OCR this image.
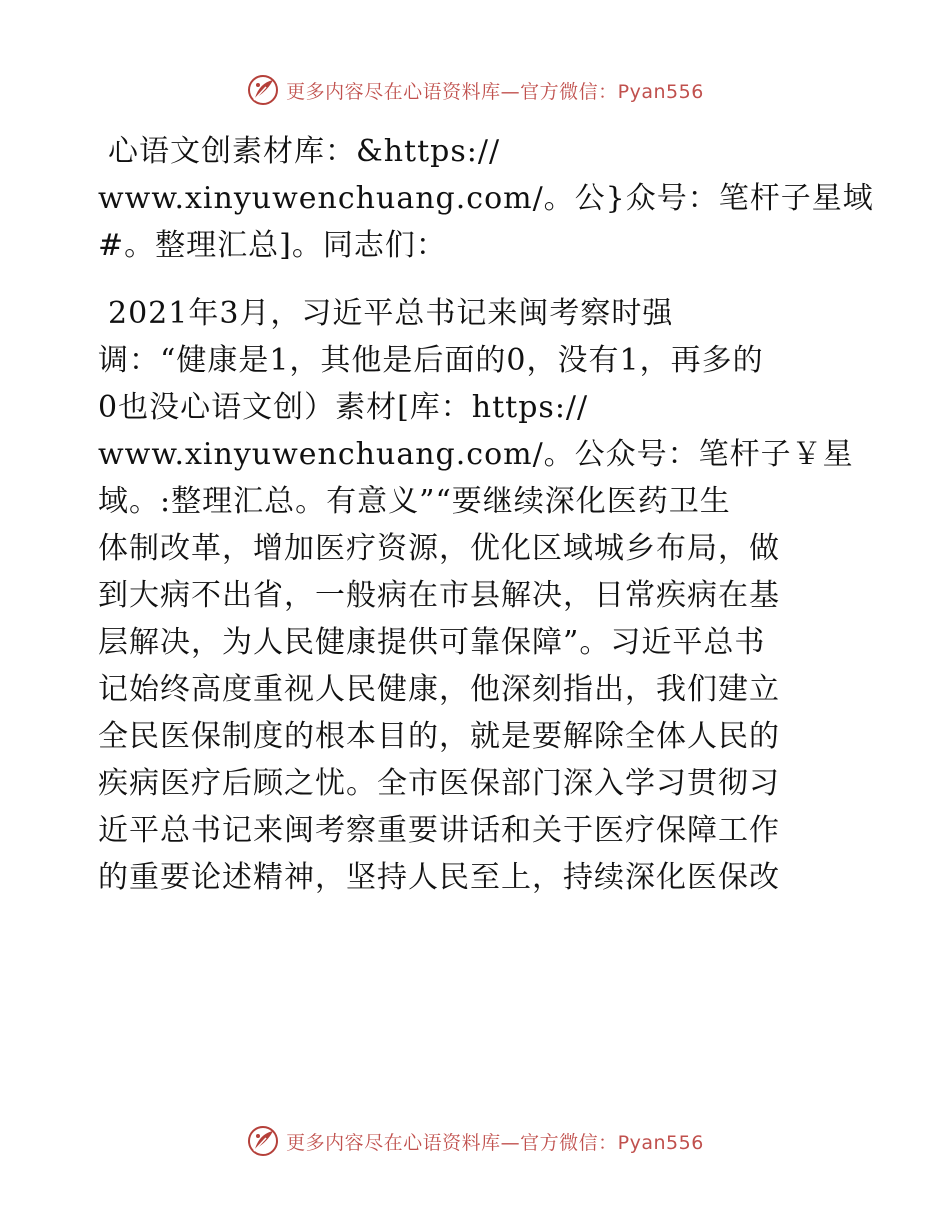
更多内容尽在心语资料库—官方微信：Pyan556

心语文创素材库：&https://
www.xinyuwenchuang.com/。公}众号：笔杆子星域
#。整理汇总]。同志们：

2021年3月，习近平总书记来闽考察时强
调：“健康是1，其他是后面的0，没有1，再多的
0也没心语文创）素材[库：https://
www.xinyuwenchuang.com/。公众号：笔杆子￥星
域。:整理汇总。有意义”“要继续深化医药卫生
体制改革，增加医疗资源，优化区域城乡布局，做
到大病不出省，一般病在市县解决，日常疾病在基
层解决，为人民健康提供可靠保障”。习近平总书
记始终高度重视人民健康，他深刻指出，我们建立
全民医保制度的根本目的，就是要解除全体人民的
疾病医疗后顾之忧。全市医保部门深入学习贯彻习
近平总书记来闽考察重要讲话和关于医疗保障工作
的重要论述精神，坚持人民至上，持续深化医保改

更多内容尽在心语资料库—官方微信：Pyan556
